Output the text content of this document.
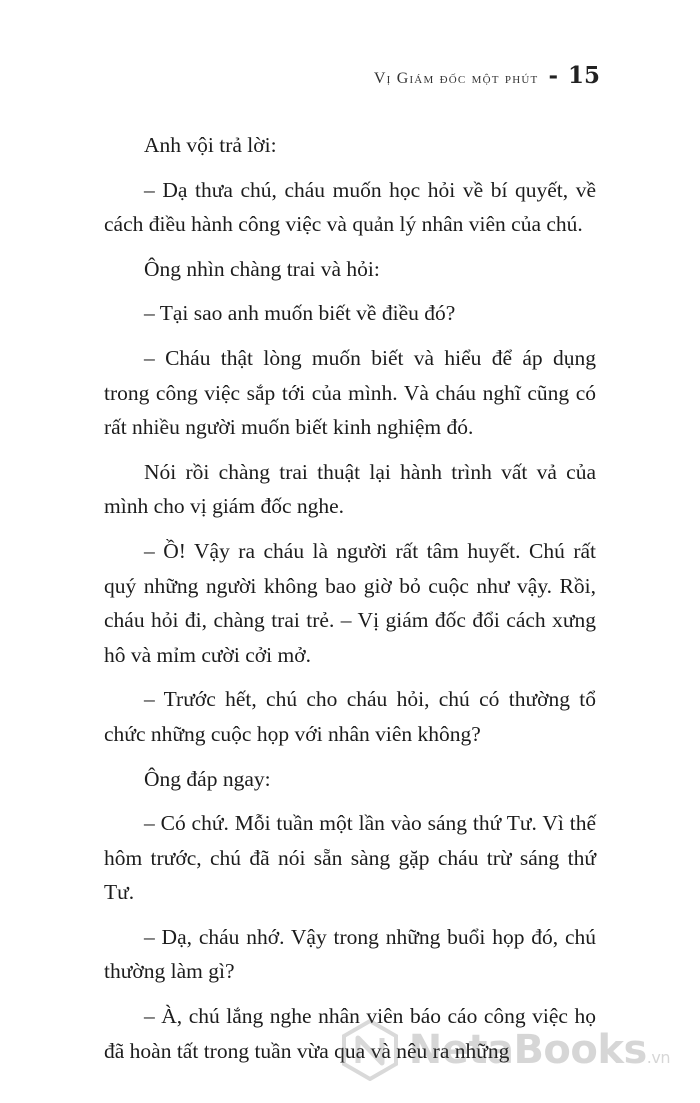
Vị Giám đốc một phút - 15

Anh vội trả lời:

– Dạ thưa chú, cháu muốn học hỏi về bí quyết, về cách điều hành công việc và quản lý nhân viên của chú.

Ông nhìn chàng trai và hỏi:

– Tại sao anh muốn biết về điều đó?

– Cháu thật lòng muốn biết và hiểu để áp dụng trong công việc sắp tới của mình. Và cháu nghĩ cũng có rất nhiều người muốn biết kinh nghiệm đó.

Nói rồi chàng trai thuật lại hành trình vất vả của mình cho vị giám đốc nghe.

– Ồ! Vậy ra cháu là người rất tâm huyết. Chú rất quý những người không bao giờ bỏ cuộc như vậy. Rồi, cháu hỏi đi, chàng trai trẻ. – Vị giám đốc đổi cách xưng hô và mỉm cười cởi mở.

– Trước hết, chú cho cháu hỏi, chú có thường tổ chức những cuộc họp với nhân viên không?

Ông đáp ngay:

– Có chứ. Mỗi tuần một lần vào sáng thứ Tư. Vì thế hôm trước, chú đã nói sẵn sàng gặp cháu trừ sáng thứ Tư.

– Dạ, cháu nhớ. Vậy trong những buổi họp đó, chú thường làm gì?

– À, chú lắng nghe nhân viên báo cáo công việc họ đã hoàn tất trong tuần vừa qua và nêu ra những

NetaBooks.vn
